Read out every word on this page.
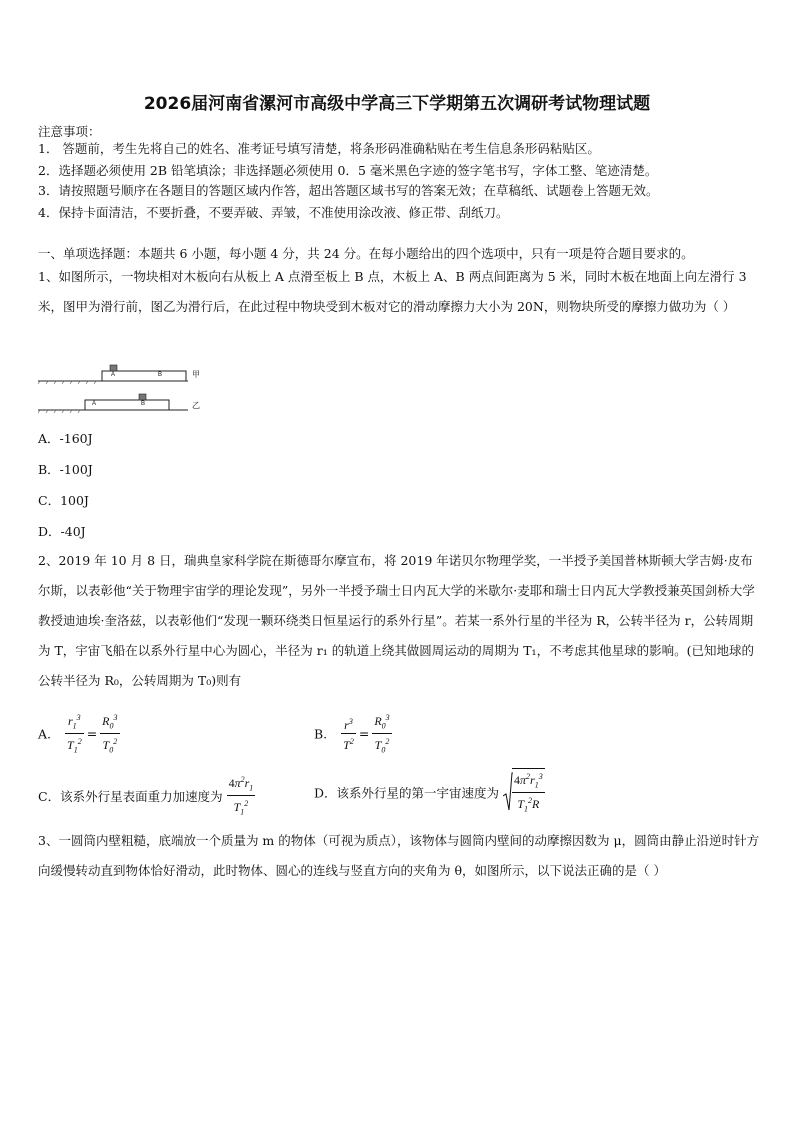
2026届河南省漯河市高级中学高三下学期第五次调研考试物理试题
注意事项：
1． 答题前，考生先将自己的姓名、准考证号填写清楚，将条形码准确粘贴在考生信息条形码粘贴区。
2．选择题必须使用 2B 铅笔填涂；非选择题必须使用 0．5 毫米黑色字迹的签字笔书写，字体工整、笔迹清楚。
3．请按照题号顺序在各题目的答题区域内作答，超出答题区域书写的答案无效；在草稿纸、试题卷上答题无效。
4．保持卡面清洁，不要折叠，不要弄破、弄皱，不准使用涂改液、修正带、刮纸刀。
一、单项选择题：本题共 6 小题，每小题 4 分，共 24 分。在每小题给出的四个选项中，只有一项是符合题目要求的。
1、如图所示，一物块相对木板向右从板上 A 点滑至板上 B 点，木板上 A、B 两点间距离为 5 米，同时木板在地面上向左滑行 3 米，图甲为滑行前，图乙为滑行后，在此过程中物块受到木板对它的滑动摩擦力大小为 20N，则物块所受的摩擦力做功为（ ）
A	B	甲
A	B	乙
A．-160J
B．-100J
C．100J
D．-40J
2、2019 年 10 月 8 日，瑞典皇家科学院在斯德哥尔摩宣布，将 2019 年诺贝尔物理学奖，一半授予美国普林斯顿大学吉姆·皮布尔斯，以表彰他“关于物理宇宙学的理论发现”，另外一半授予瑞士日内瓦大学的米歇尔·麦耶和瑞士日内瓦大学教授兼英国剑桥大学教授迪迪埃·奎洛兹，以表彰他们“发现一颗环绕类日恒星运行的系外行星”。若某一系外行星的半径为 R，公转半径为 r，公转周期为 T，宇宙飞船在以系外行星中心为圆心，半径为 r₁ 的轨道上绕其做圆周运动的周期为 T₁，不考虑其他星球的影响。(已知地球的公转半径为 R₀，公转周期为 T₀)则有
A. $\frac{r_1^3}{T_1^2} = \frac{R_0^3}{T_0^2}$	B. $\frac{r^3}{T^2} = \frac{R_0^3}{T_0^2}$
C．该系外行星表面重力加速度为 $\frac{4\pi^2r_1}{T_1^2}$	D．该系外行星的第一宇宙速度为 $\frac{4\pi^2r_1^3}{T_1^2R}$
3、一圆筒内壁粗糙，底端放一个质量为 m 的物体（可视为质点），该物体与圆筒内壁间的动摩擦因数为 μ，圆筒由静止沿逆时针方向缓慢转动直到物体恰好滑动，此时物体、圆心的连线与竖直方向的夹角为 θ，如图所示，以下说法正确的是（ ）
